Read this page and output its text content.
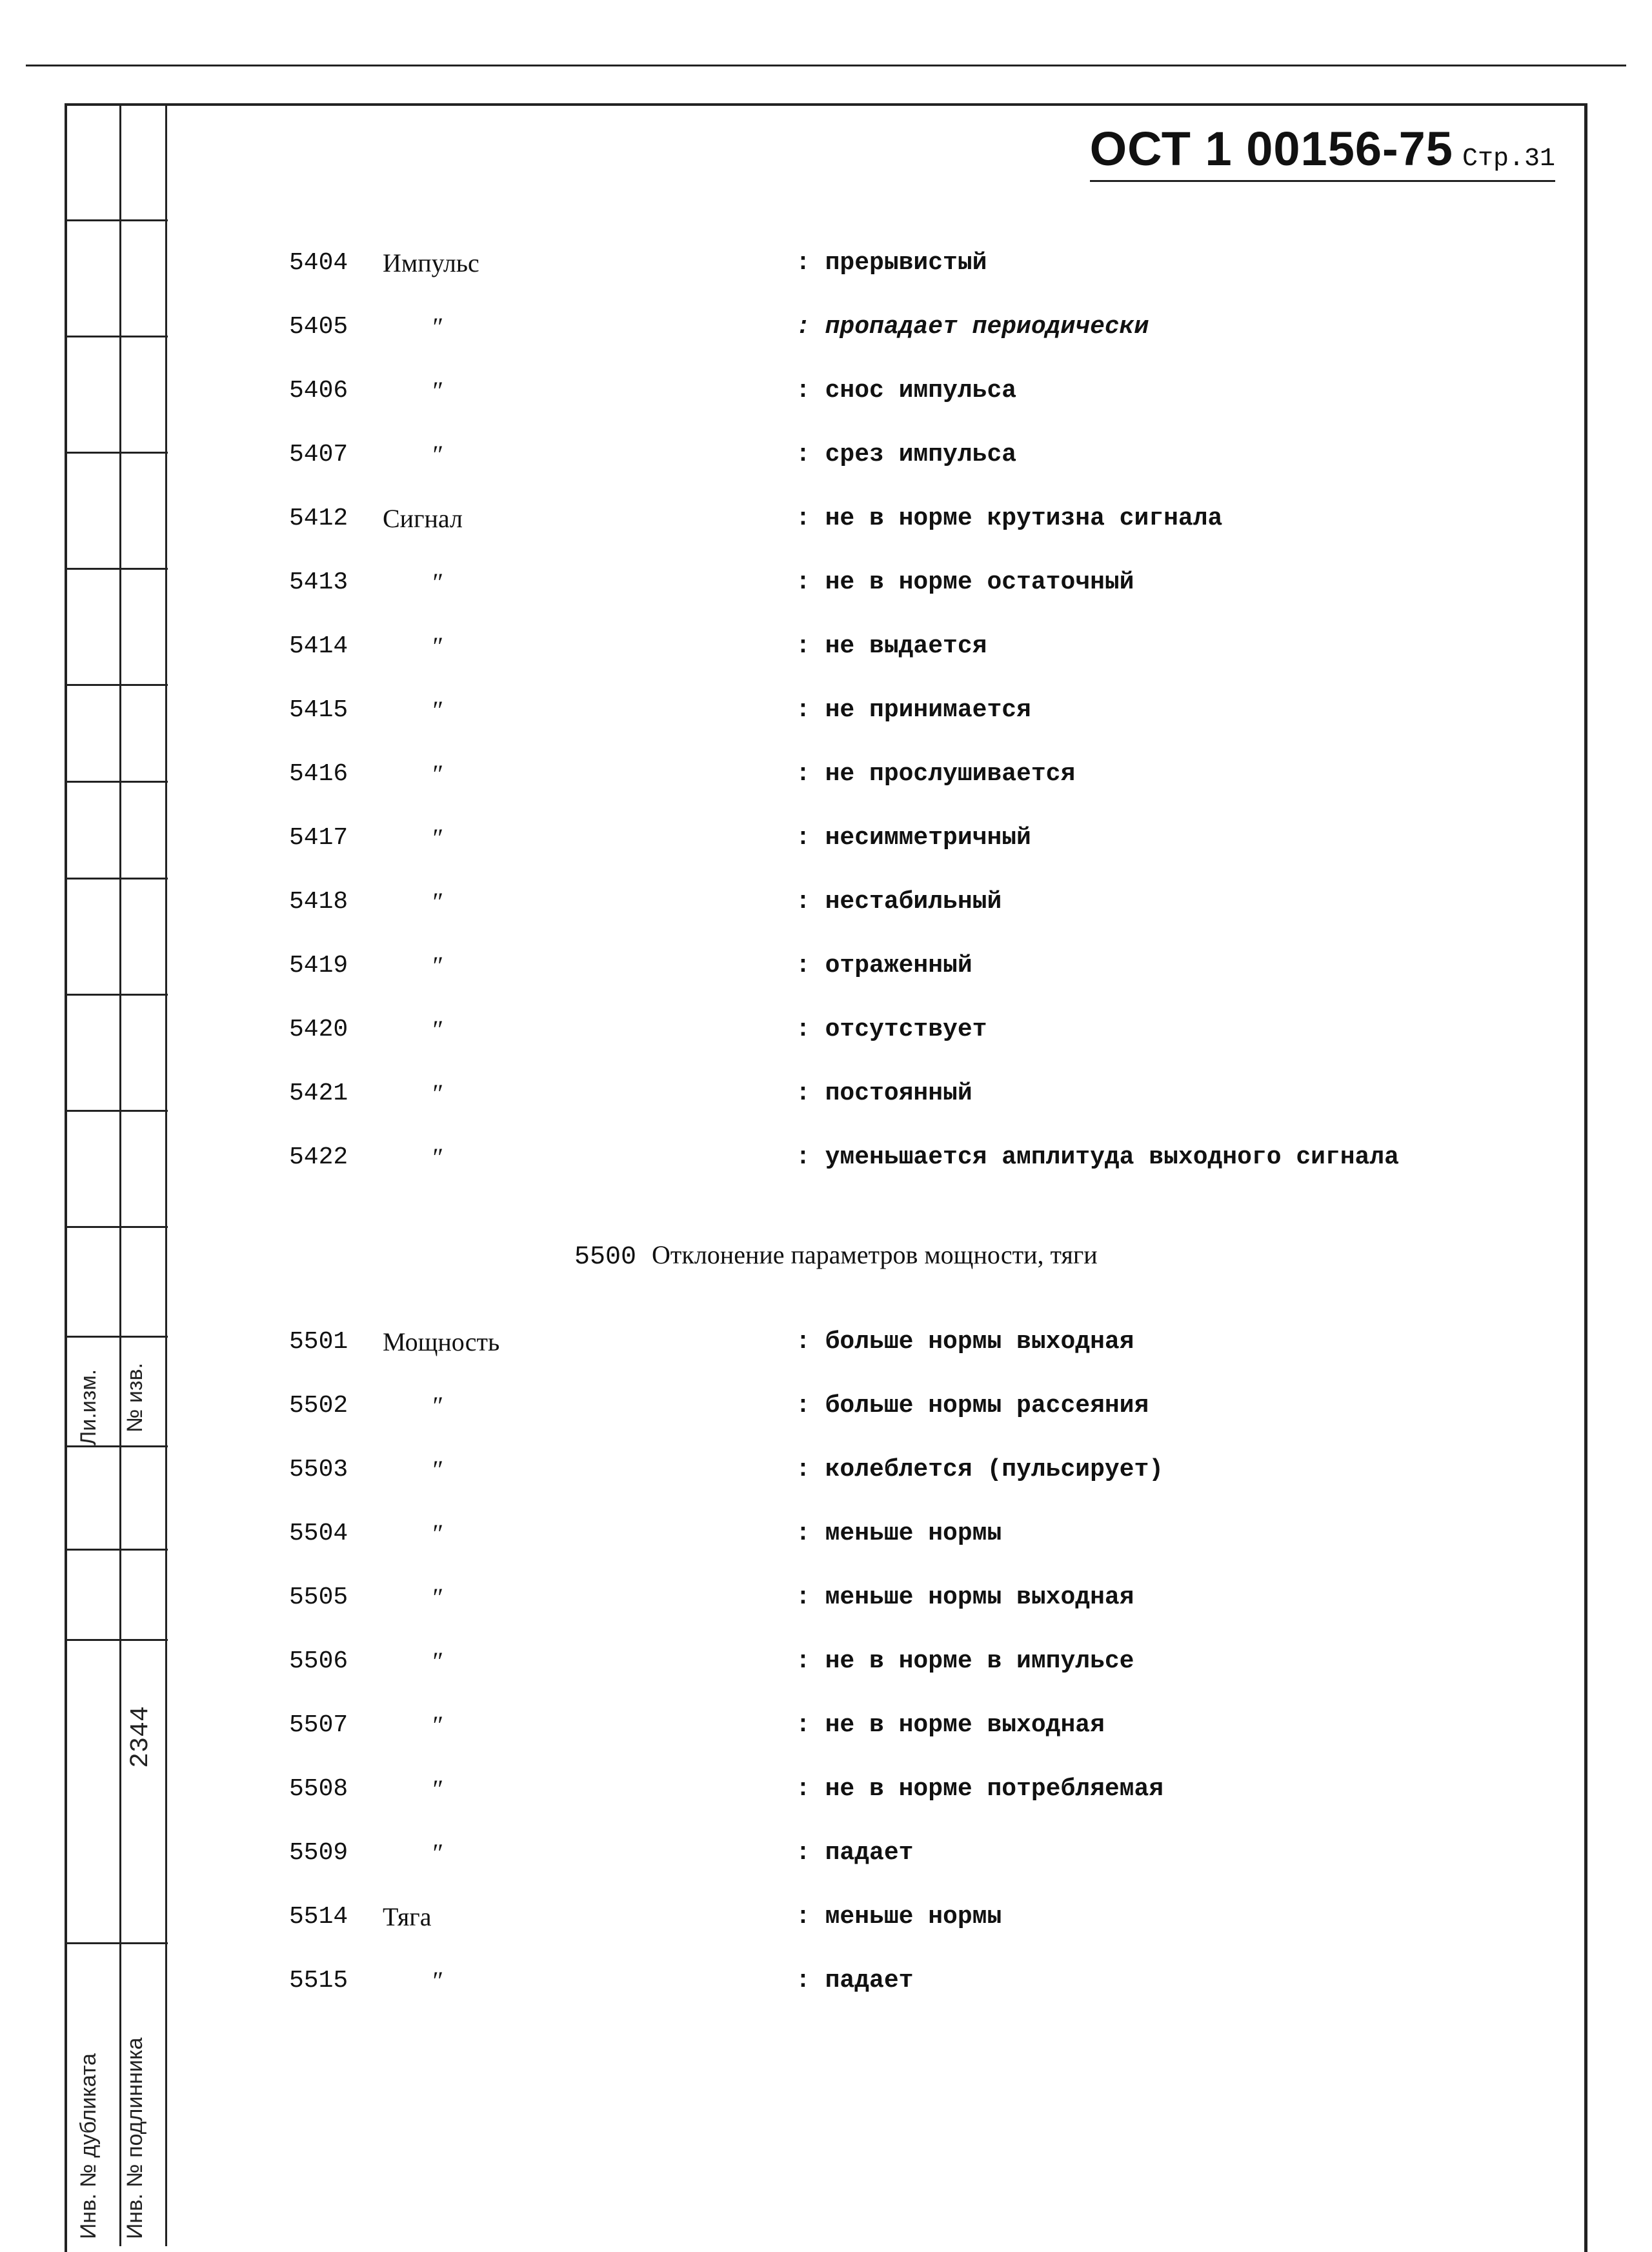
Ли.изм. № изв.
2344
Инв. № дубликата Инв. № подлинника
ОСТ 1 00156-75 Стр.31
5404 Импульс	: прерывистый
5405	″	: пропадает периодически
5406	″	: снос импульса
5407	″	: срез импульса
5412 Сигнал	: не в норме крутизна сигнала
5413	″	: не в норме остаточный
5414	″	: не выдается
5415	″	: не принимается
5416	″	: не прослушивается
5417	″	: несимметричный
5418	″	: нестабильный
5419	″	: отраженный
5420	″	: отсутствует
5421	″	: постоянный
5422	″	: уменьшается амплитуда выходного сигнала
5500 Отклонение параметров мощности, тяги
5501 Мощность	: больше нормы выходная
5502	″	: больше нормы рассеяния
5503	″	: колеблется (пульсирует)
5504	″	: меньше нормы
5505	″	: меньше нормы выходная
5506	″	: не в норме в импульсе
5507	″	: не в норме выходная
5508	″	: не в норме потребляемая
5509	″	: падает
5514 Тяга	: меньше нормы
5515	″	: падает
